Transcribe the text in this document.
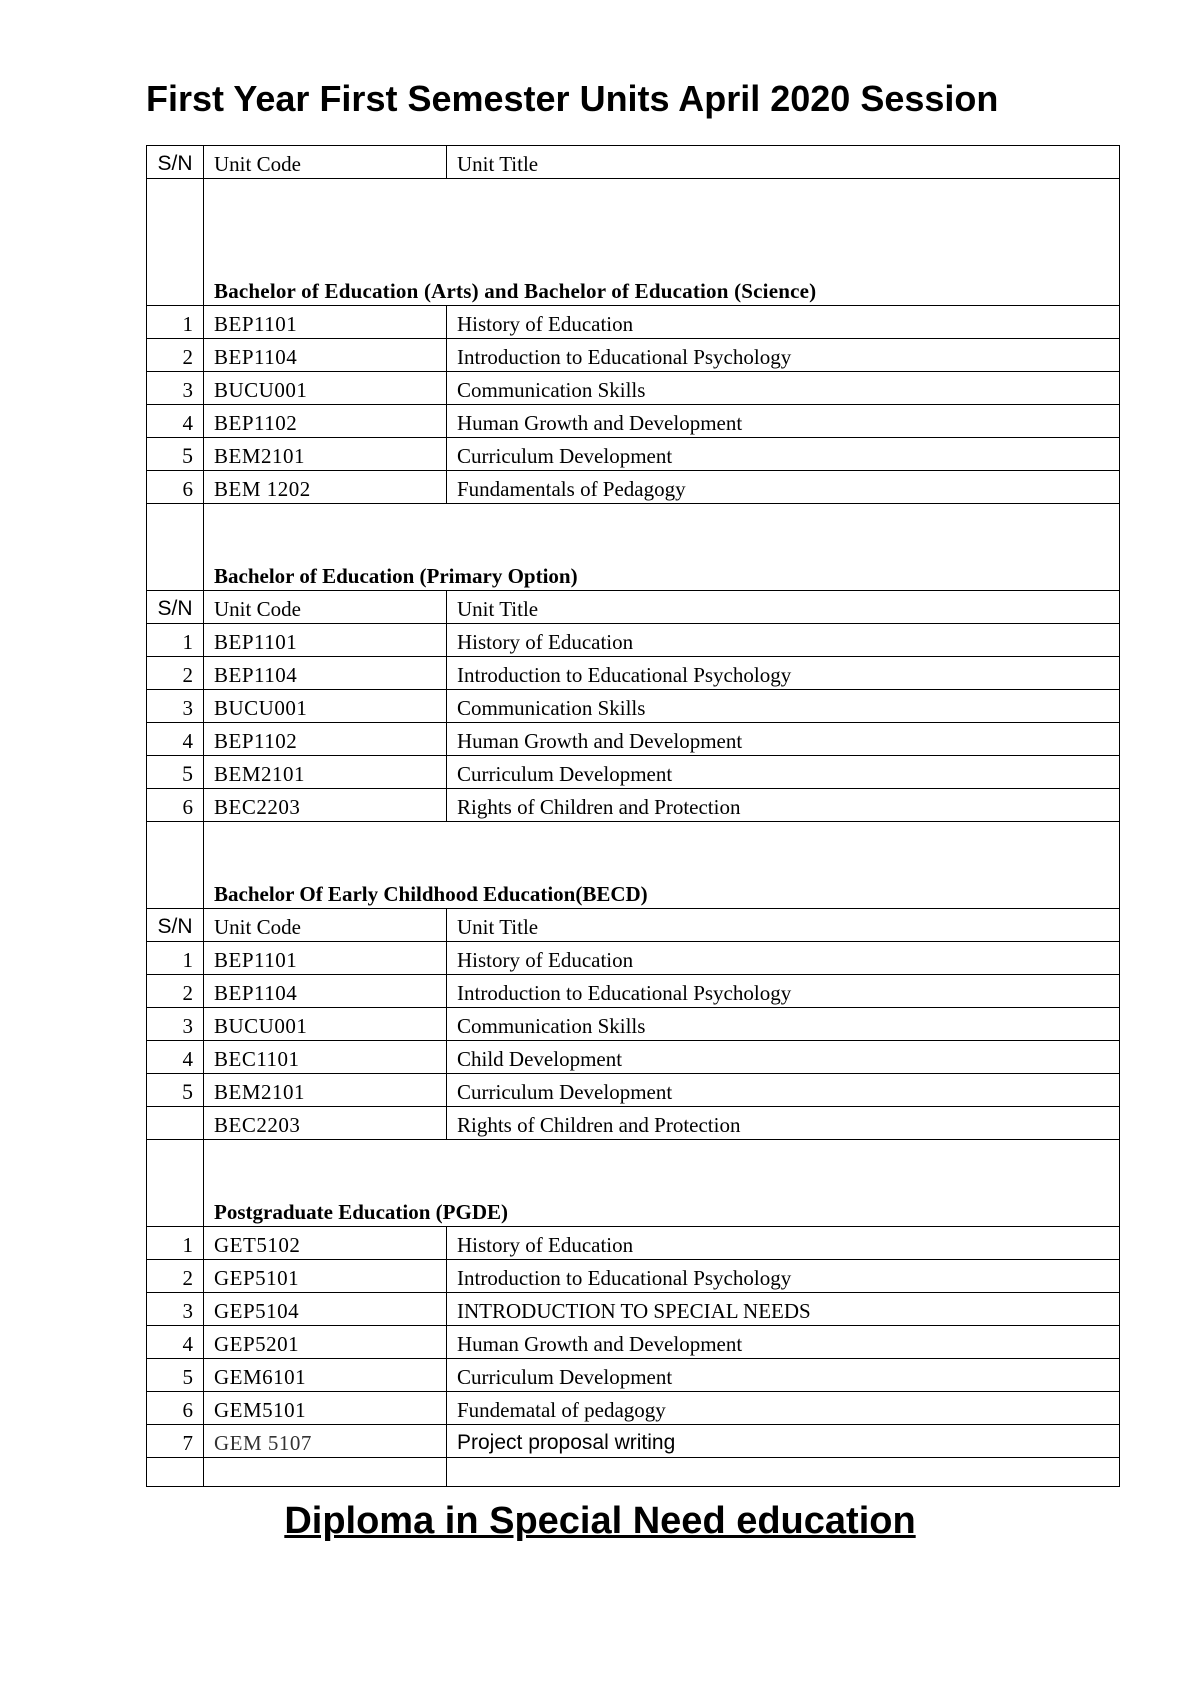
First Year First Semester Units April 2020 Session
S/N	Unit Code	Unit Title
	Bachelor of Education (Arts) and Bachelor of Education (Science)	
1	BEP1101	History of Education
2	BEP1104	Introduction to Educational Psychology
3	BUCU001	Communication Skills
4	BEP1102	Human Growth and Development
5	BEM2101	Curriculum Development
6	BEM 1202	Fundamentals of Pedagogy
	Bachelor of Education (Primary Option)	
S/N	Unit Code	Unit Title
1	BEP1101	History of Education
2	BEP1104	Introduction to Educational Psychology
3	BUCU001	Communication Skills
4	BEP1102	Human Growth and Development
5	BEM2101	Curriculum Development
6	BEC2203	Rights of Children and Protection
	Bachelor Of Early Childhood Education(BECD)	
S/N	Unit Code	Unit Title
1	BEP1101	History of Education
2	BEP1104	Introduction to Educational Psychology
3	BUCU001	Communication Skills
4	BEC1101	Child Development
5	BEM2101	Curriculum Development
	BEC2203	Rights of Children and Protection
	Postgraduate Education (PGDE)	
1	GET5102	History of Education
2	GEP5101	Introduction to Educational Psychology
3	GEP5104	INTRODUCTION TO SPECIAL NEEDS
4	GEP5201	Human Growth and Development
5	GEM6101	Curriculum Development
6	GEM5101	Fundematal of pedagogy
7	GEM 5107	Project proposal writing

Diploma in Special Need education
